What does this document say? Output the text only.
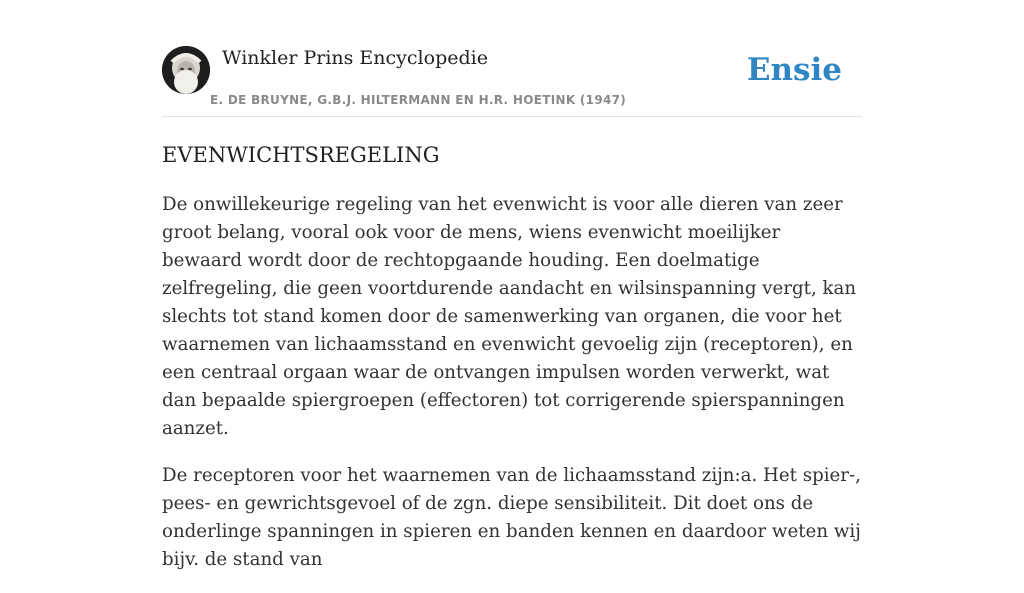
Winkler Prins Encyclopedie
E. DE BRUYNE, G.B.J. HILTERMANN EN H.R. HOETINK (1947)
Ensie
EVENWICHTSREGELING

De onwillekeurige regeling van het evenwicht is voor alle dieren van zeer groot belang, vooral ook voor de mens, wiens evenwicht moeilijker bewaard wordt door de rechtopgaande houding. Een doelmatige zelfregeling, die geen voortdurende aandacht en wilsinspanning vergt, kan slechts tot stand komen door de samenwerking van organen, die voor het waarnemen van lichaamsstand en evenwicht gevoelig zijn (receptoren), en een centraal orgaan waar de ontvangen impulsen worden verwerkt, wat dan bepaalde spiergroepen (effectoren) tot corrigerende spierspanningen aanzet.

De receptoren voor het waarnemen van de lichaamsstand zijn:a. Het spier-, pees- en gewrichtsgevoel of de zgn. diepe sensibiliteit. Dit doet ons de onderlinge spanningen in spieren en banden kennen en daardoor weten wij bijv. de stand van
